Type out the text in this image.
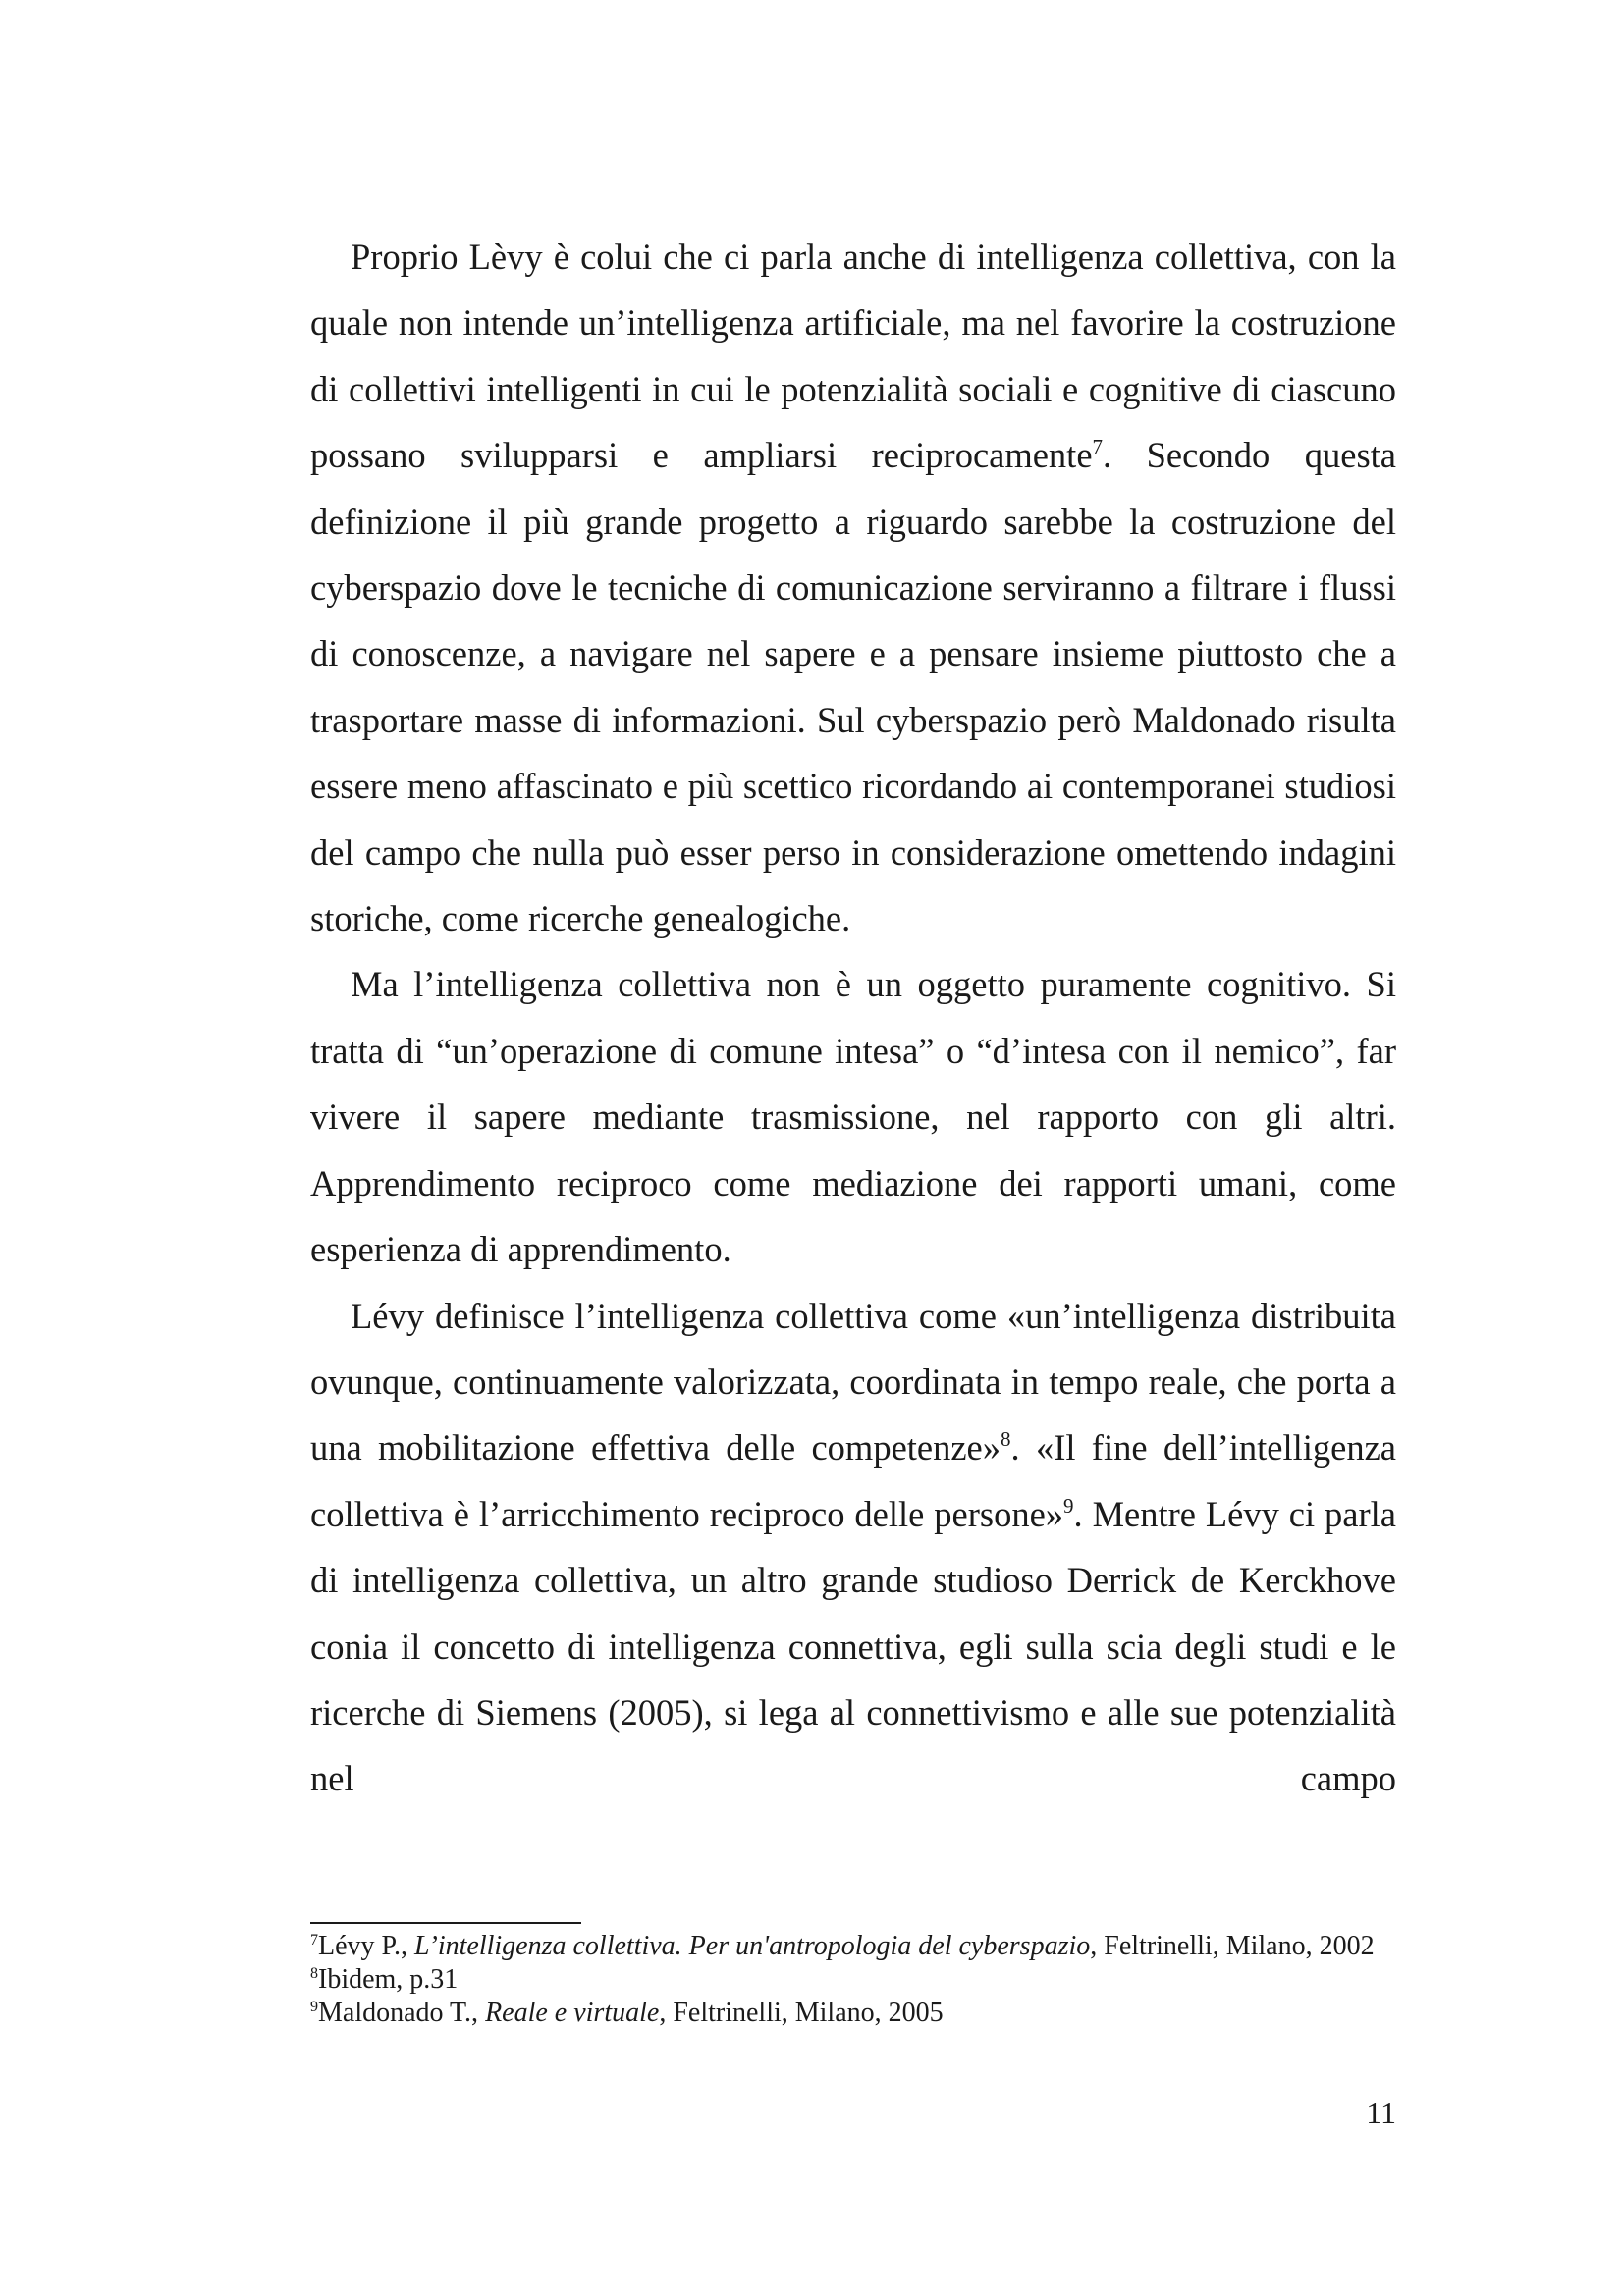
Proprio Lèvy è colui che ci parla anche di intelligenza collettiva, con la quale non intende un’intelligenza artificiale, ma nel favorire la costruzione di collettivi intelligenti in cui le potenzialità sociali e cognitive di ciascuno possano svilupparsi e ampliarsi reciprocamente$^7$. Secondo questa definizione il più grande progetto a riguardo sarebbe la costruzione del cyberspazio dove le tecniche di comunicazione serviranno a filtrare i flussi di conoscenze, a navigare nel sapere e a pensare insieme piuttosto che a trasportare masse di informazioni. Sul cyberspazio però Maldonado risulta essere meno affascinato e più scettico ricordando ai contemporanei studiosi del campo che nulla può esser perso in considerazione omettendo indagini storiche, come ricerche genealogiche.

Ma l’intelligenza collettiva non è un oggetto puramente cognitivo. Si tratta di “un’operazione di comune intesa” o “d’intesa con il nemico”, far vivere il sapere mediante trasmissione, nel rapporto con gli altri. Apprendimento reciproco come mediazione dei rapporti umani, come esperienza di apprendimento.

Lévy definisce l’intelligenza collettiva come «un’intelligenza distribuita ovunque, continuamente valorizzata, coordinata in tempo reale, che porta a una mobilitazione effettiva delle competenze»$^8$. «Il fine dell’intelligenza collettiva è l’arricchimento reciproco delle persone»$^9$. Mentre Lévy ci parla di intelligenza collettiva, un altro grande studioso Derrick de Kerckhove conia il concetto di intelligenza connettiva, egli sulla scia degli studi e le ricerche di Siemens (2005), si lega al connettivismo e alle sue potenzialità nel campo

$^7$Lévy P., L’intelligenza collettiva. Per un'antropologia del cyberspazio, Feltrinelli, Milano, 2002

$^8$Ibidem, p.31

$^9$Maldonado T., Reale e virtuale, Feltrinelli, Milano, 2005

11
